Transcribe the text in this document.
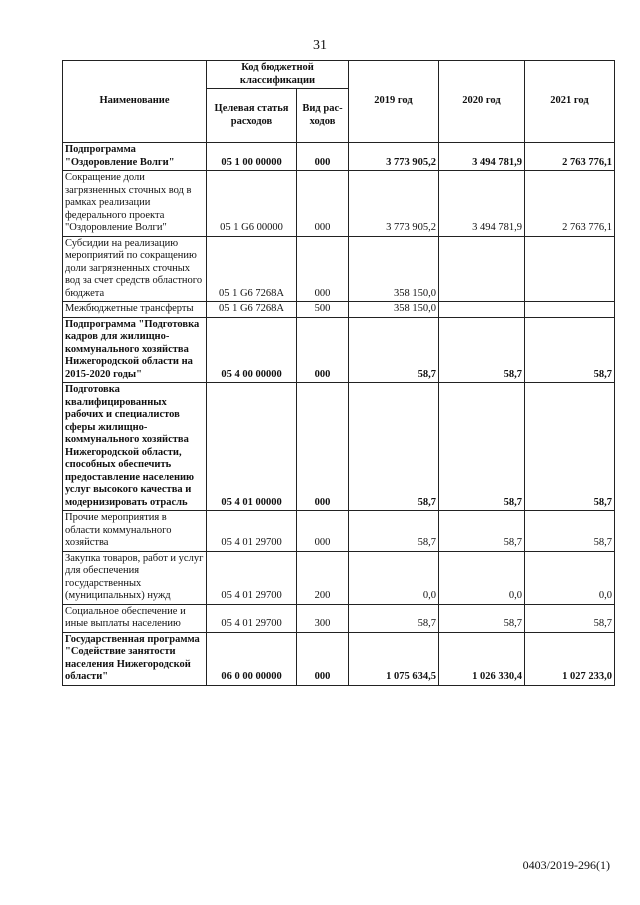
31
Наименование	Код бюджетной классификации		2019 год	2020 год	2021 год
	Целевая статья расходов	Вид рас-ходов			
Подпрограмма "Оздоровление Волги"	05 1 00 00000	000	3 773 905,2	3 494 781,9	2 763 776,1
Сокращение доли загрязненных сточных вод в рамках реализации федерального проекта "Оздоровление Волги"	05 1 G6 00000	000	3 773 905,2	3 494 781,9	2 763 776,1
Субсидии на реализацию мероприятий по сокращению доли загрязненных сточных вод за счет средств областного бюджета	05 1 G6 7268A	000	358 150,0		
Межбюджетные трансферты	05 1 G6 7268A	500	358 150,0		
Подпрограмма "Подготовка кадров для жилищно-коммунального хозяйства Нижегородской области на 2015-2020 годы"	05 4 00 00000	000	58,7	58,7	58,7
Подготовка квалифицированных рабочих и специалистов сферы жилищно-коммунального хозяйства Нижегородской области, способных обеспечить предоставление населению услуг высокого качества и модернизировать отрасль	05 4 01 00000	000	58,7	58,7	58,7
Прочие мероприятия в области коммунального хозяйства	05 4 01 29700	000	58,7	58,7	58,7
Закупка товаров, работ и услуг для обеспечения государственных (муниципальных) нужд	05 4 01 29700	200	0,0	0,0	0,0
Социальное обеспечение и иные выплаты населению	05 4 01 29700	300	58,7	58,7	58,7
Государственная программа "Содействие занятости населения Нижегородской области"	06 0 00 00000	000	1 075 634,5	1 026 330,4	1 027 233,0
0403/2019-296(1)
